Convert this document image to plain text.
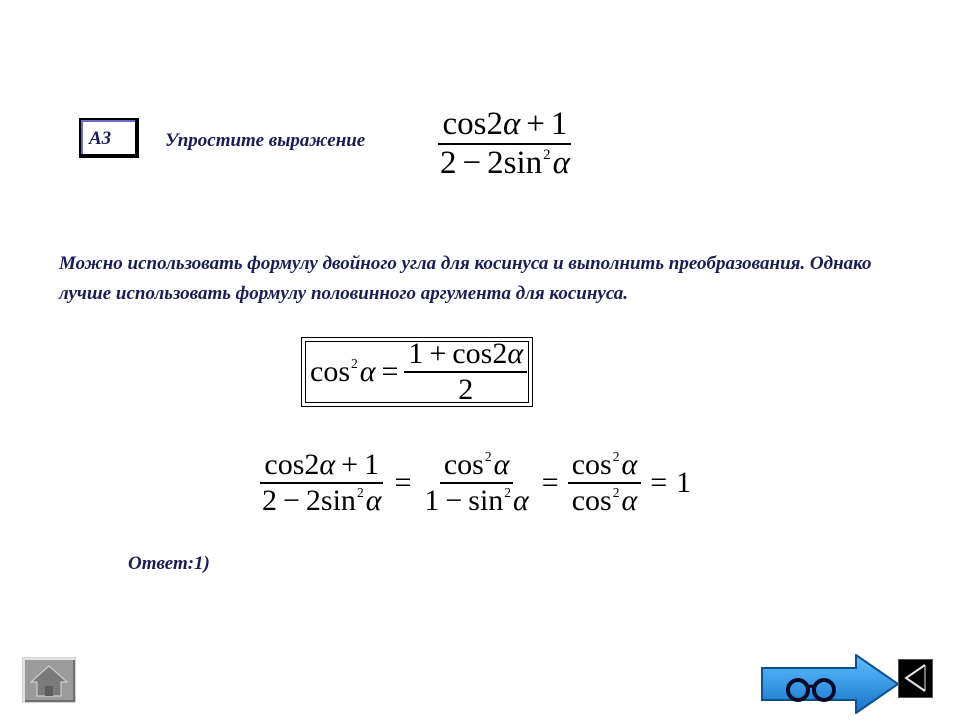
A3	Упростите выражение $\frac{\cos 2\alpha + 1}{2 - 2\sin^2\alpha}$
Можно использовать формулу двойного угла для косинуса и выполнить преобразования. Однако лучше использовать формулу половинного аргумента для косинуса.
$\cos^2\alpha = \frac{1 + \cos 2\alpha}{2}$
$\frac{\cos 2\alpha + 1}{2 - 2\sin^2\alpha} = \frac{\cos^2\alpha}{1 - \sin^2\alpha} = \frac{\cos^2\alpha}{\cos^2\alpha} = 1$
Ответ:1)
